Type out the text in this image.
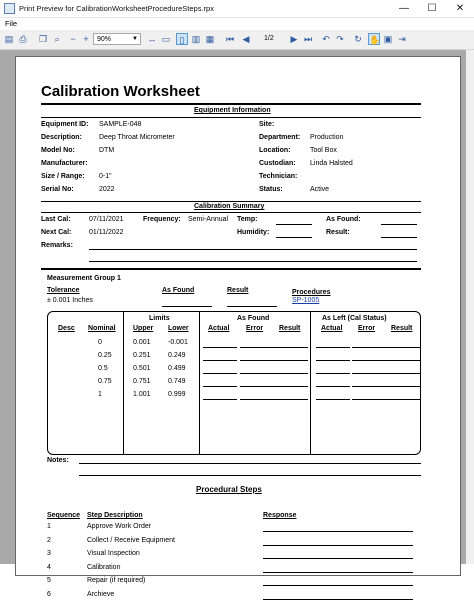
Print Preview for CalibrationWorksheetProcedureSteps.rpx	—	☐	✕
File
▤ ⎙ ❐ ⌕	− +	90%	▼ ↔ ▭	▯ ▥ ▦ ⏮ ◀	1/2 ▶ ⏭ ↶ ↷ ↻ ✋ ▣ ⇥
Calibration Worksheet
Equipment Information
Equipment ID: SAMPLE-048
Description: Deep Throat Micrometer
Model No:	DTM
Manufacturer:
Size / Range: 0-1"
Serial No:	2022
Site:
Department: Production
Location:	Tool Box
Custodian: Linda Halsted
Technician:
Status:	Active
Calibration Summary
Last Cal:	07/11/2021	Frequency: Semi-Annual Temp:	As Found:
Next Cal:	01/11/2022	Humidity:	Result:
Remarks:
Measurement Group 1
Tolerance
± 0.001 Inches
As Found	Result	Procedures
SP-1005
Limits	As Found	As Left (Cal Status)
Desc Nominal Upper Lower	Actual Error Result	Actual Error Result
0	0.001 -0.001
0.25	0.251 0.249
0.5	0.501 0.499
0.75	0.751 0.749
1	1.001 0.999
Notes:
Procedural Steps
Sequence Step Description	Response
1	Approve Work Order
2	Collect / Receive Equipment
3	Visual Inspection
4	Calibration
5	Repair (if required)
6	Archieve
